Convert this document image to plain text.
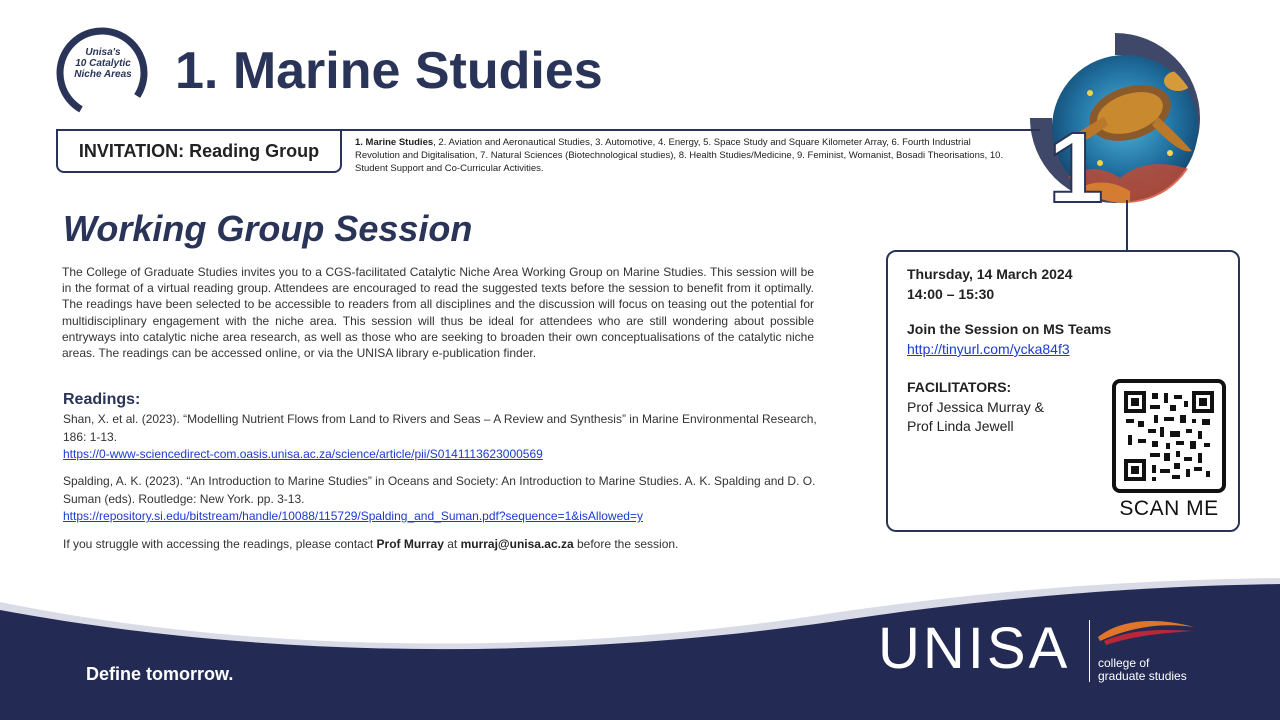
Unisa's
10 Catalytic
Niche Areas 1. Marine Studies
INVITATION: Reading Group	1. Marine Studies, 2. Aviation and Aeronautical Studies, 3. Automotive, 4. Energy, 5. Space Study and Square Kilometer Array, 6. Fourth Industrial Revolution and Digitalisation, 7. Natural Sciences (Biotechnological studies), 8. Health Studies/Medicine, 9. Feminist, Womanist, Bosadi Theorisations, 10. Student Support and Co-Curricular Activities.	1
Working Group Session
The College of Graduate Studies invites you to a CGS-facilitated Catalytic Niche Area Working Group on Marine Studies. This session will be in the format of a virtual reading group. Attendees are encouraged to read the suggested texts before the session to benefit from it optimally. The readings have been selected to be accessible to readers from all disciplines and the discussion will focus on teasing out the potential for multidisciplinary engagement with the niche area. This session will thus be ideal for attendees who are still wondering about possible entryways into catalytic niche area research, as well as those who are seeking to broaden their own conceptualisations of the catalytic niche areas. The readings can be accessed online, or via the UNISA library e-publication finder.
Readings:
Shan, X. et al. (2023). “Modelling Nutrient Flows from Land to Rivers and Seas – A Review and Synthesis” in Marine Environmental Research, 186: 1-13.
https://0-www-sciencedirect-com.oasis.unisa.ac.za/science/article/pii/S0141113623000569
Spalding, A. K. (2023). “An Introduction to Marine Studies” in Oceans and Society: An Introduction to Marine Studies. A. K. Spalding and D. O. Suman (eds). Routledge: New York. pp. 3-13.
https://repository.si.edu/bitstream/handle/10088/115729/Spalding_and_Suman.pdf?sequence=1&isAllowed=y
If you struggle with accessing the readings, please contact Prof Murray at murraj@unisa.ac.za before the session.
Thursday, 14 March 2024
14:00 – 15:30
Join the Session on MS Teams
http://tinyurl.com/ycka84f3
FACILITATORS:
Prof Jessica Murray &
Prof Linda Jewell
SCAN ME
Define tomorrow.	UNISA college of
graduate studies
